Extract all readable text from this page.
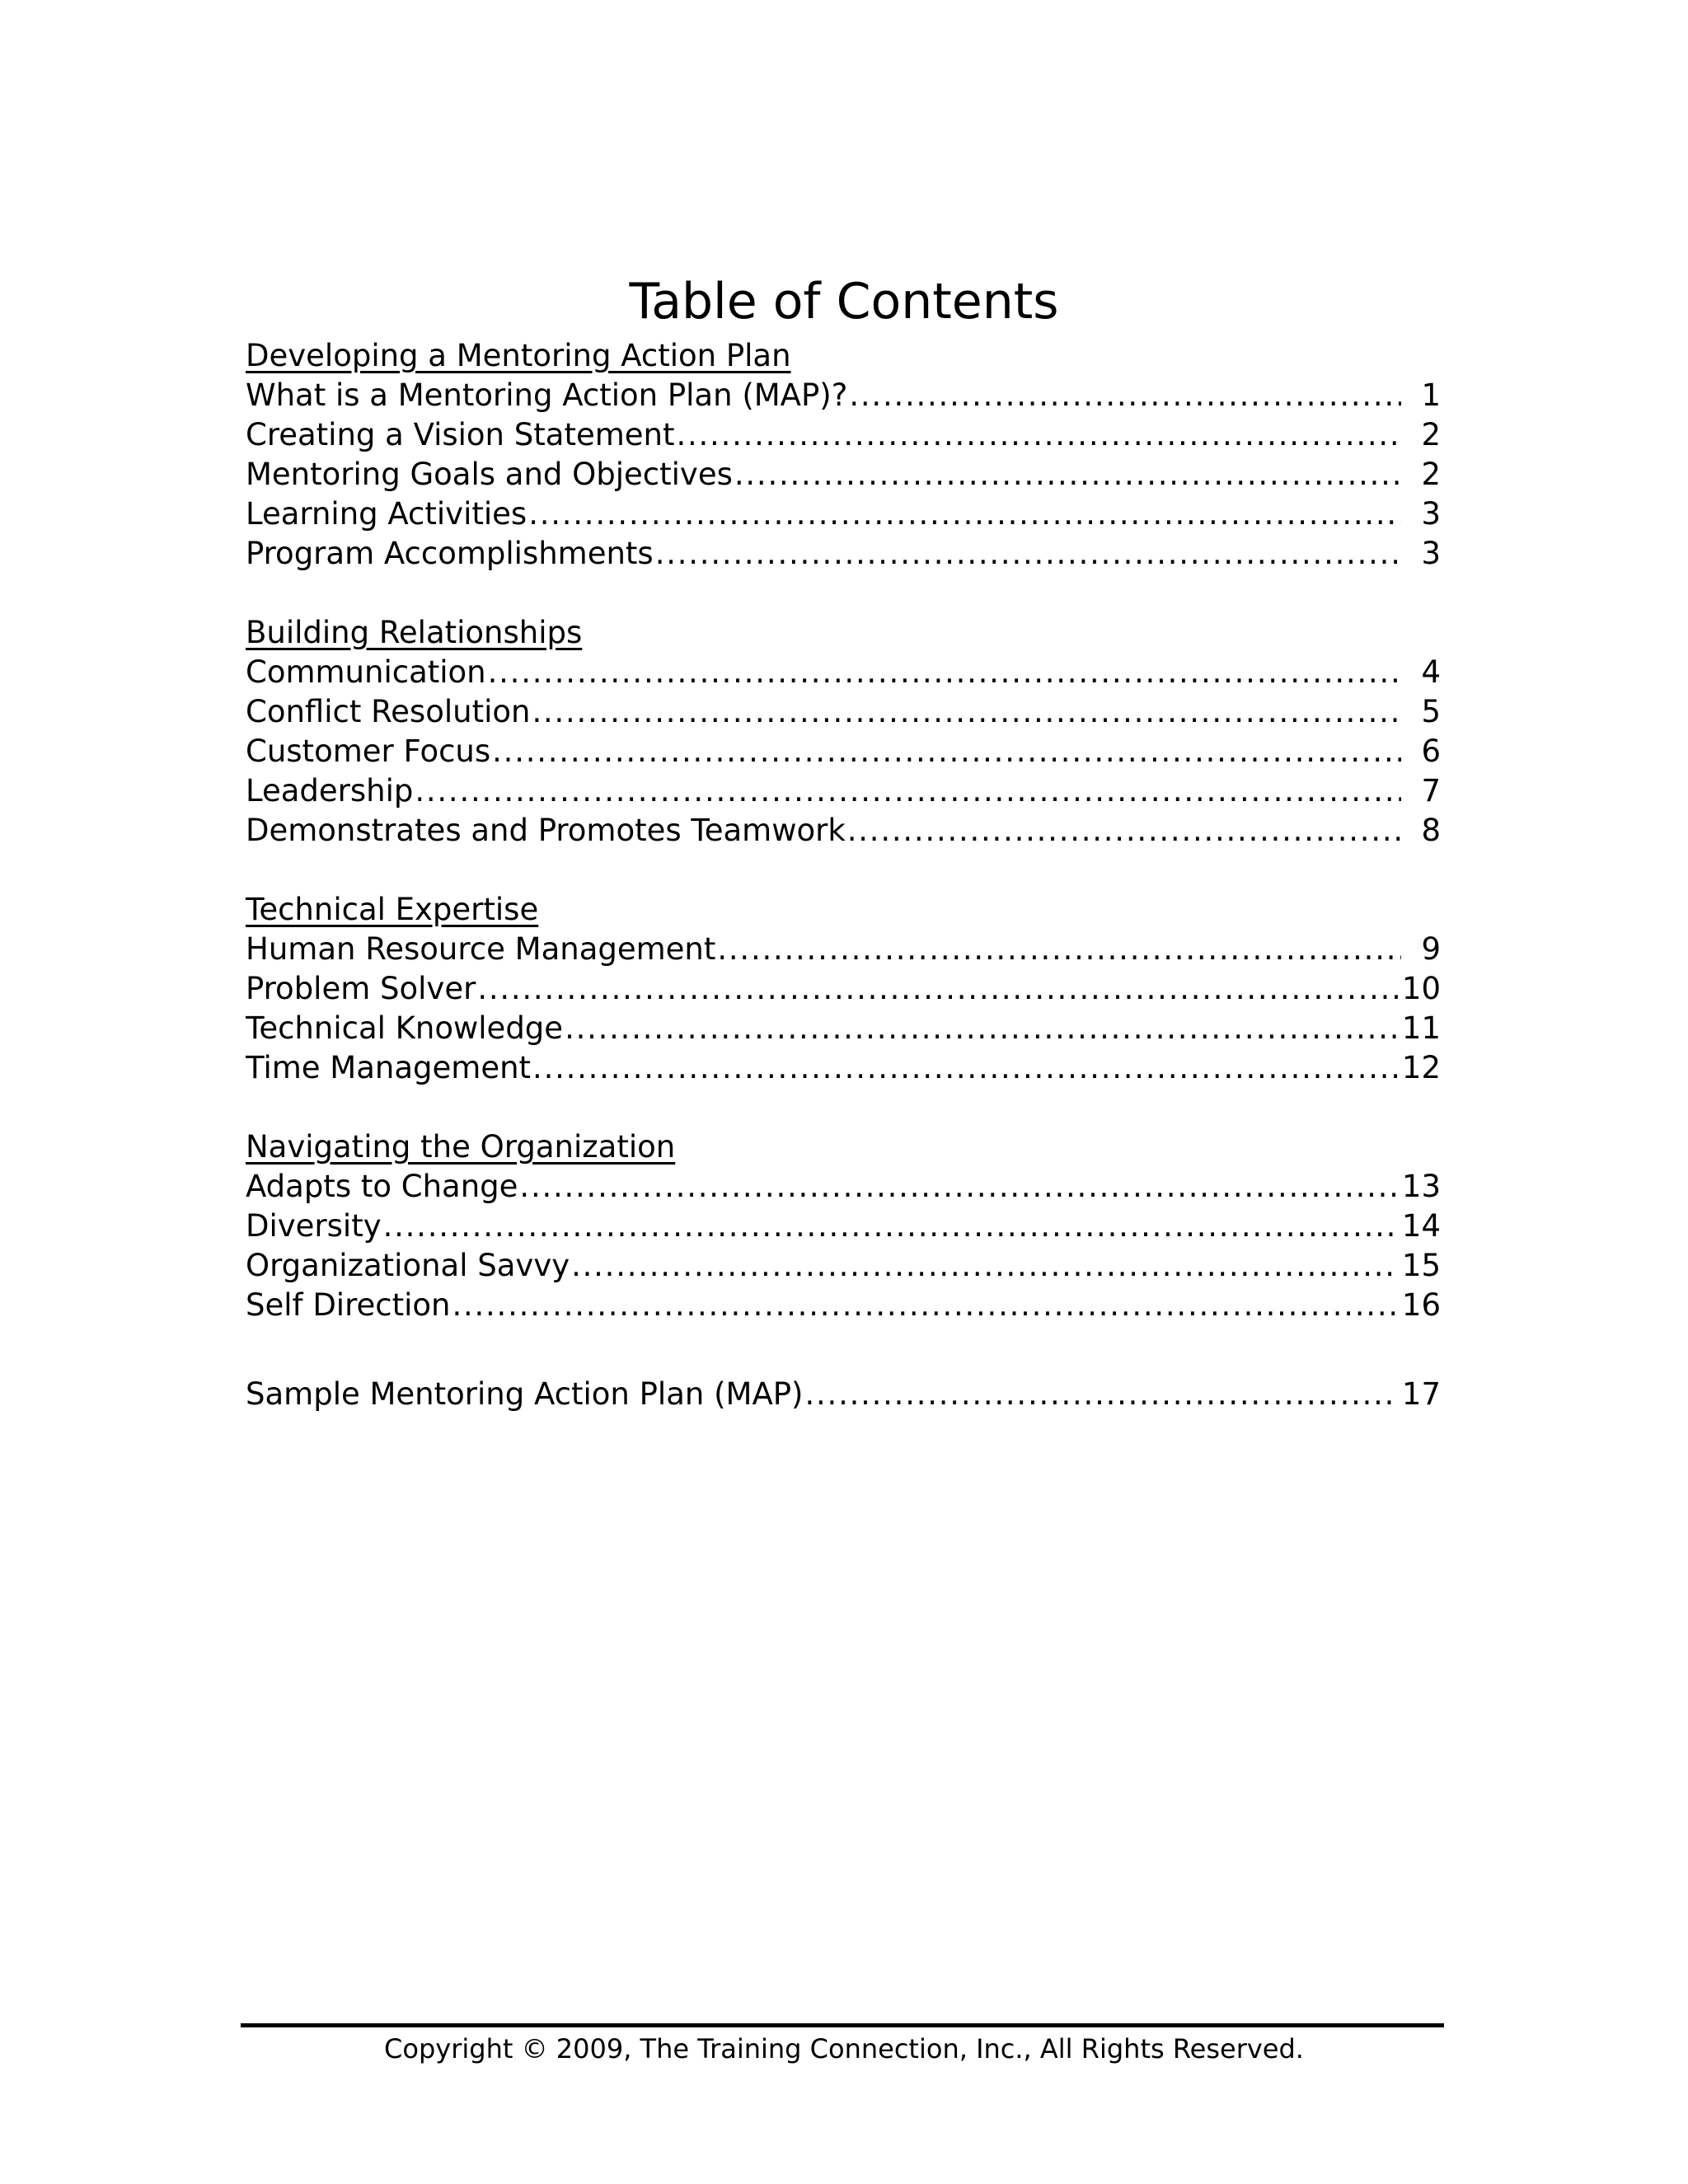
Table of Contents
Developing a Mentoring Action Plan
What is a Mentoring Action Plan (MAP)? . . .	1
Creating a Vision Statement . . .	2
Mentoring Goals and Objectives . . .	2
Learning Activities . . .	3
Program Accomplishments . . .	3
Building Relationships
Communication . . .	4
Conflict Resolution . . .	5
Customer Focus . . .	6
Leadership . . .	7
Demonstrates and Promotes Teamwork . . .	8
Technical Expertise
Human Resource Management . . .	9
Problem Solver . . .	10
Technical Knowledge . . .	11
Time Management . . .	12
Navigating the Organization
Adapts to Change . . .	13
Diversity . . .	14
Organizational Savvy . . .	15
Self Direction . . .	16
Sample Mentoring Action Plan (MAP) . . .	17
Copyright © 2009, The Training Connection, Inc., All Rights Reserved.
